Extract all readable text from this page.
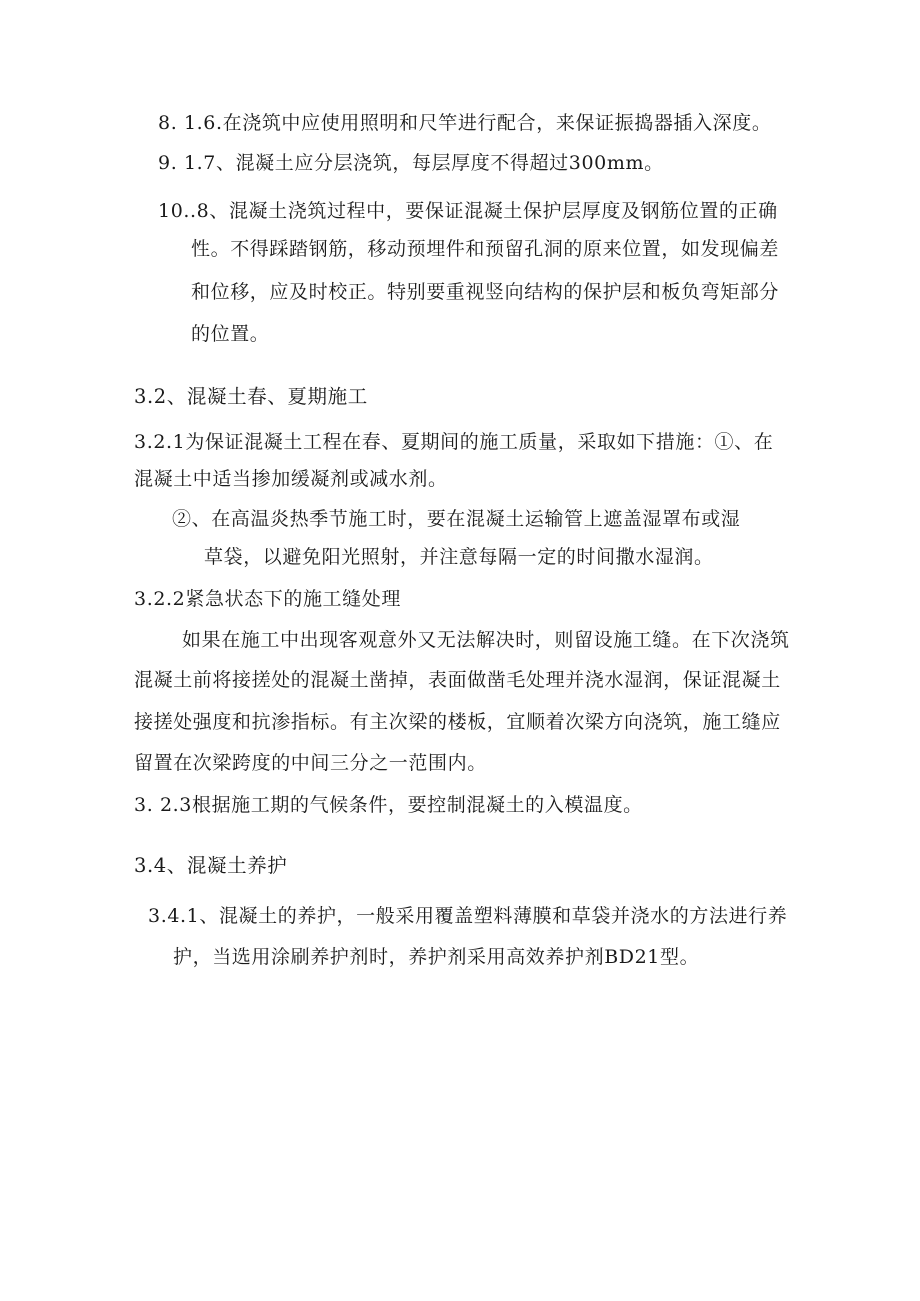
8. 1.6.在浇筑中应使用照明和尺竿进行配合，来保证振捣器插入深度。
9. 1.7、混凝土应分层浇筑，每层厚度不得超过300mm。
10..8、混凝土浇筑过程中，要保证混凝土保护层厚度及钢筋位置的正确
性。不得踩踏钢筋，移动预埋件和预留孔洞的原来位置，如发现偏差
和位移，应及时校正。特别要重视竖向结构的保护层和板负弯矩部分
的位置。
3.2、混凝土春、夏期施工
3.2.1为保证混凝土工程在春、夏期间的施工质量，采取如下措施：①、在
混凝土中适当掺加缓凝剂或减水剂。
②、在高温炎热季节施工时，要在混凝土运输管上遮盖湿罩布或湿
草袋，以避免阳光照射，并注意每隔一定的时间撒水湿润。
3.2.2紧急状态下的施工缝处理
如果在施工中出现客观意外又无法解决时，则留设施工缝。在下次浇筑
混凝土前将接搓处的混凝土凿掉，表面做凿毛处理并浇水湿润，保证混凝土
接搓处强度和抗渗指标。有主次梁的楼板，宜顺着次梁方向浇筑，施工缝应
留置在次梁跨度的中间三分之一范围内。
3. 2.3根据施工期的气候条件，要控制混凝土的入模温度。
3.4、混凝土养护
3.4.1、混凝土的养护，一般采用覆盖塑料薄膜和草袋并浇水的方法进行养
护，当选用涂刷养护剂时，养护剂采用高效养护剂BD21型。
